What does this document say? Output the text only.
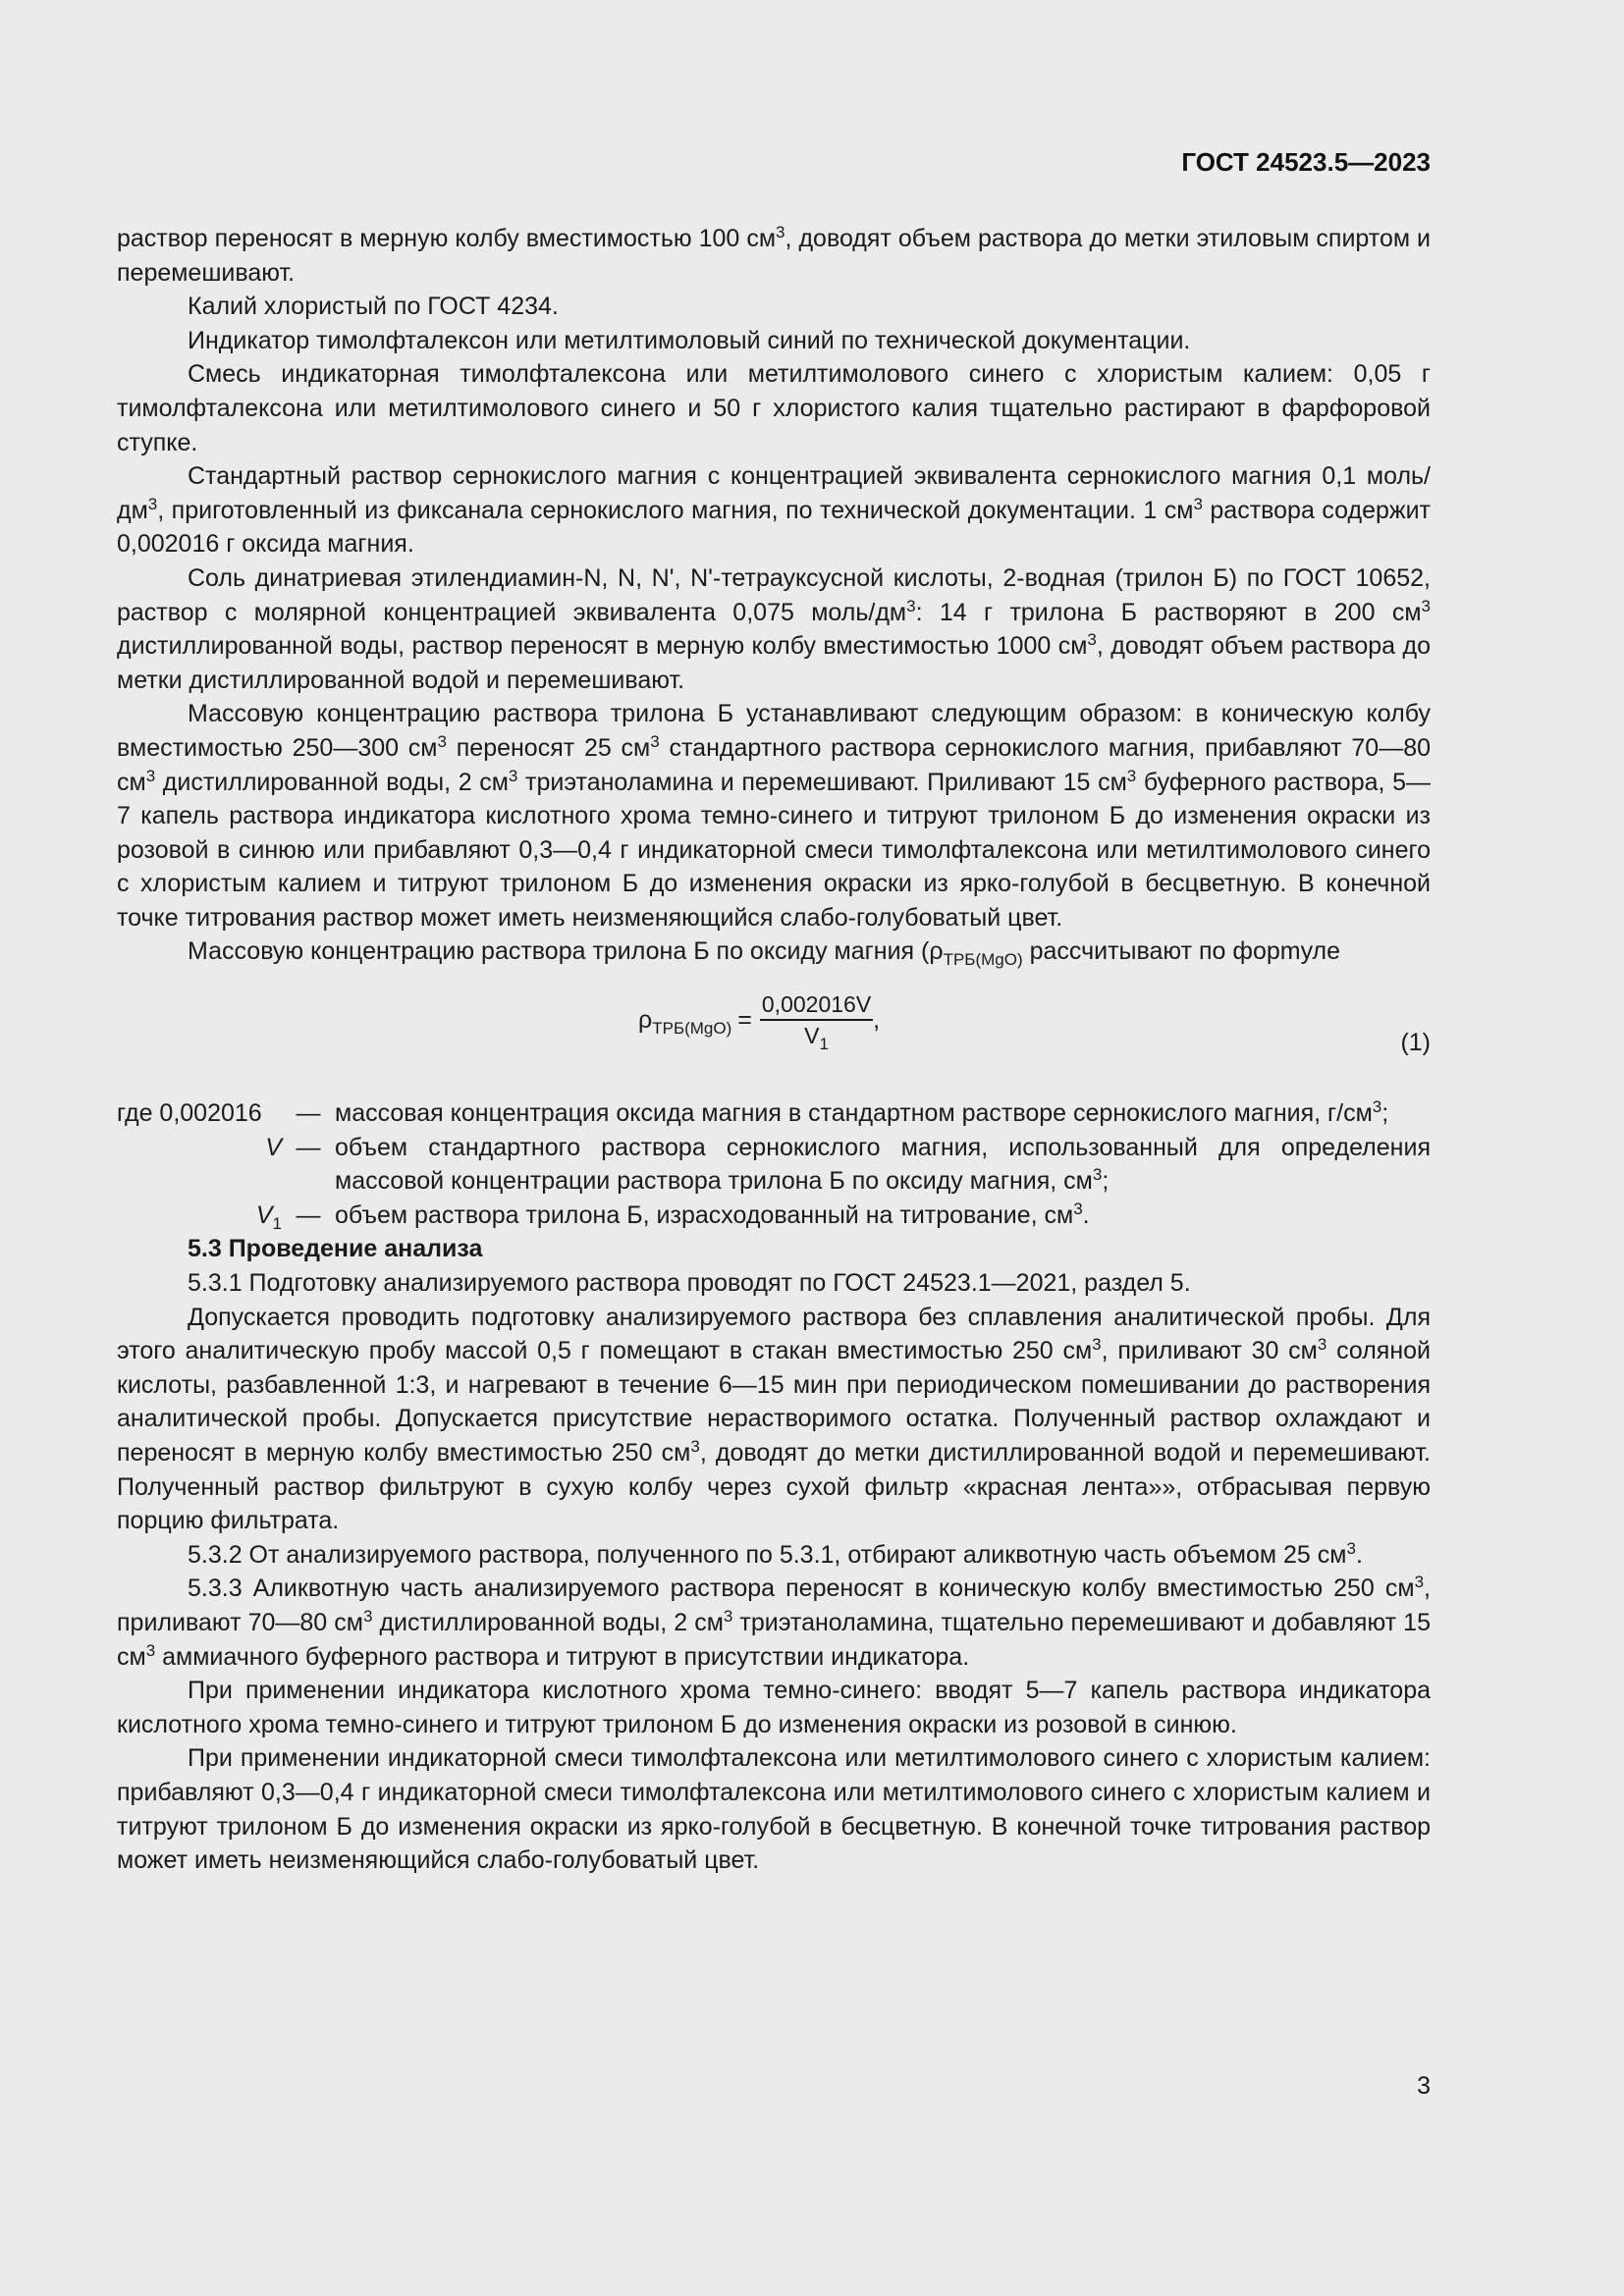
ГОСТ 24523.5—2023

раствор переносят в мерную колбу вместимостью 100 $см^3$, доводят объем раствора до метки этиловым спиртом и перемешивают.

Калий хлористый по ГОСТ 4234.

Индикатор тимолфталексон или метилтимоловый синий по технической документации.

Смесь индикаторная тимолфталексона или метилтимолового синего с хлористым калием: 0,05 г тимолфталексона или метилтимолового синего и 50 г хлористого калия тщательно растирают в фарфоровой ступке.

Стандартный раствор сернокислого магния с концентрацией эквивалента сернокислого магния 0,1 моль/$дм^3$, приготовленный из фиксанала сернокислого магния, по технической документации. 1 $см^3$ раствора содержит 0,002016 г оксида магния.

Соль динатриевая этилендиамин-N, N, N', N'-тетрауксусной кислоты, 2-водная (трилон Б) по ГОСТ 10652, раствор с молярной концентрацией эквивалента 0,075 моль/$дм^3$: 14 г трилона Б растворяют в 200 $см^3$ дистиллированной воды, раствор переносят в мерную колбу вместимостью 1000 $см^3$, доводят объем раствора до метки дистиллированной водой и перемешивают.

Массовую концентрацию раствора трилона Б устанавливают следующим образом: в коническую колбу вместимостью 250—300 $см^3$ переносят 25 $см^3$ стандартного раствора сернокислого магния, прибавляют 70—80 $см^3$ дистиллированной воды, 2 $см^3$ триэтаноламина и перемешивают. Приливают 15 $см^3$ буферного раствора, 5—7 капель раствора индикатора кислотного хрома темно-синего и титруют трилоном Б до изменения окраски из розовой в синюю или прибавляют 0,3—0,4 г индикаторной смеси тимолфталексона или метилтимолового синего с хлористым калием и титруют трилоном Б до изменения окраски из ярко-голубой в бесцветную. В конечной точке титрования раствор может иметь неизменяющийся слабо-голубоватый цвет.

Массовую концентрацию раствора трилона Б по оксиду магния ($\rho_{ТРБ(MgO)}$ рассчитывают по форmуле

$\rho_{ТРБ(MgO)} = \frac{0,002016V}{V_1}$ ,
(1)
где 0,002016	— массовая концентрация оксида магния в стандартном растворе сернокислого магния, $г/см^3$;
V — объем стандартного раствора сернокислого магния, использованный для определения массовой концентрации раствора трилона Б по оксиду магния, $см^3$;
$V_1$ — объем раствора трилона Б, израсходованный на титрование, $см^3$.

5.3 Проведение анализа

5.3.1 Подготовку анализируемого раствора проводят по ГОСТ 24523.1—2021, раздел 5.

Допускается проводить подготовку анализируемого раствора без сплавления аналитической пробы. Для этого аналитическую пробу массой 0,5 г помещают в стакан вместимостью 250 $см^3$, приливают 30 $см^3$ соляной кислоты, разбавленной 1:3, и нагревают в течение 6—15 мин при периодическом помешивании до растворения аналитической пробы. Допускается присутствие нерастворимого остатка. Полученный раствор охлаждают и переносят в мерную колбу вместимостью 250 $см^3$, доводят до метки дистиллированной водой и перемешивают. Полученный раствор фильтруют в сухую колбу через сухой фильтр «красная лента»», отбрасывая первую порцию фильтрата.

5.3.2 От анализируемого раствора, полученного по 5.3.1, отбирают аликвотную часть объемом 25 $см^3$.

5.3.3 Аликвотную часть анализируемого раствора переносят в коническую колбу вместимостью 250 $см^3$, приливают 70—80 $см^3$ дистиллированной воды, 2 $см^3$ триэтаноламина, тщательно перемешивают и добавляют 15 $см^3$ аммиачного буферного раствора и титруют в присутствии индикатора.

При применении индикатора кислотного хрома темно-синего: вводят 5—7 капель раствора индикатора кислотного хрома темно-синего и титруют трилоном Б до изменения окраски из розовой в синюю.

При применении индикаторной смеси тимолфталексона или метилтимолового синего с хлористым калием: прибавляют 0,3—0,4 г индикаторной смеси тимолфталексона или метилтимолового синего с хлористым калием и титруют трилоном Б до изменения окраски из ярко-голубой в бесцветную. В конечной точке титрования раствор может иметь неизменяющийся слабо-голубоватый цвет.

3
